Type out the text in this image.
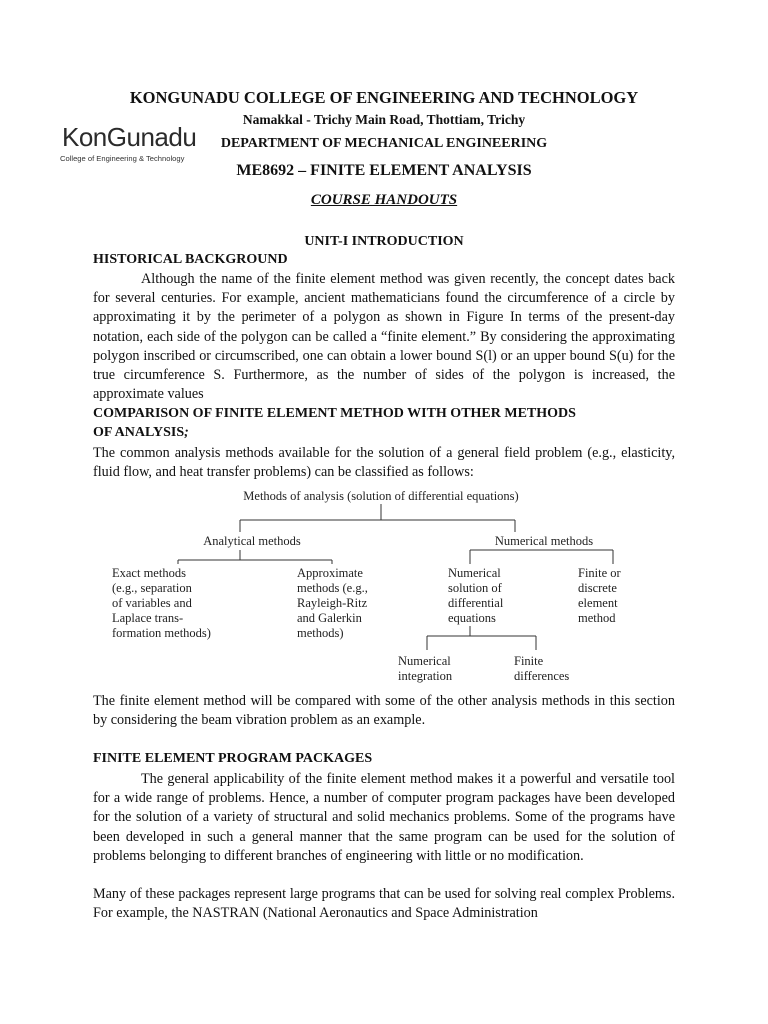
KONGUNADU COLLEGE OF ENGINEERING AND TECHNOLOGY
Namakkal - Trichy Main Road, Thottiam, Trichy
DEPARTMENT OF MECHANICAL ENGINEERING
ME8692 – FINITE ELEMENT ANALYSIS
COURSE HANDOUTS
KonGunadu
College of Engineering & Technology
UNIT-I INTRODUCTION
HISTORICAL BACKGROUND

Although the name of the finite element method was given recently, the concept dates back for several centuries. For example, ancient mathematicians found the circumference of a circle by approximating it by the perimeter of a polygon as shown in Figure In terms of the present-day notation, each side of the polygon can be called a “finite element.” By considering the approximating polygon inscribed or circumscribed, one can obtain a lower bound S(l) or an upper bound S(u) for the true circumference S. Furthermore, as the number of sides of the polygon is increased, the approximate values

COMPARISON OF FINITE ELEMENT METHOD WITH OTHER METHODS
OF ANALYSIS;

The common analysis methods available for the solution of a general field problem (e.g., elasticity, fluid flow, and heat transfer problems) can be classified as follows:

Methods of analysis (solution of differential equations)
Analytical methods	Numerical methods
Exact methods
(e.g., separation
of variables and
Laplace trans-
formation methods)
Approximate
methods (e.g.,
Rayleigh-Ritz
and Galerkin
methods)
Numerical
solution of
differential
equations
Finite or
discrete
element
method
Numerical
integration
Finite
differences

The finite element method will be compared with some of the other analysis methods in this section by considering the beam vibration problem as an example.

FINITE ELEMENT PROGRAM PACKAGES

The general applicability of the finite element method makes it a powerful and versatile tool for a wide range of problems. Hence, a number of computer program packages have been developed for the solution of a variety of structural and solid mechanics problems. Some of the programs have been developed in such a general manner that the same program can be used for the solution of problems belonging to different branches of engineering with little or no modification.

Many of these packages represent large programs that can be used for solving real complex Problems. For example, the NASTRAN (National Aeronautics and Space Administration
